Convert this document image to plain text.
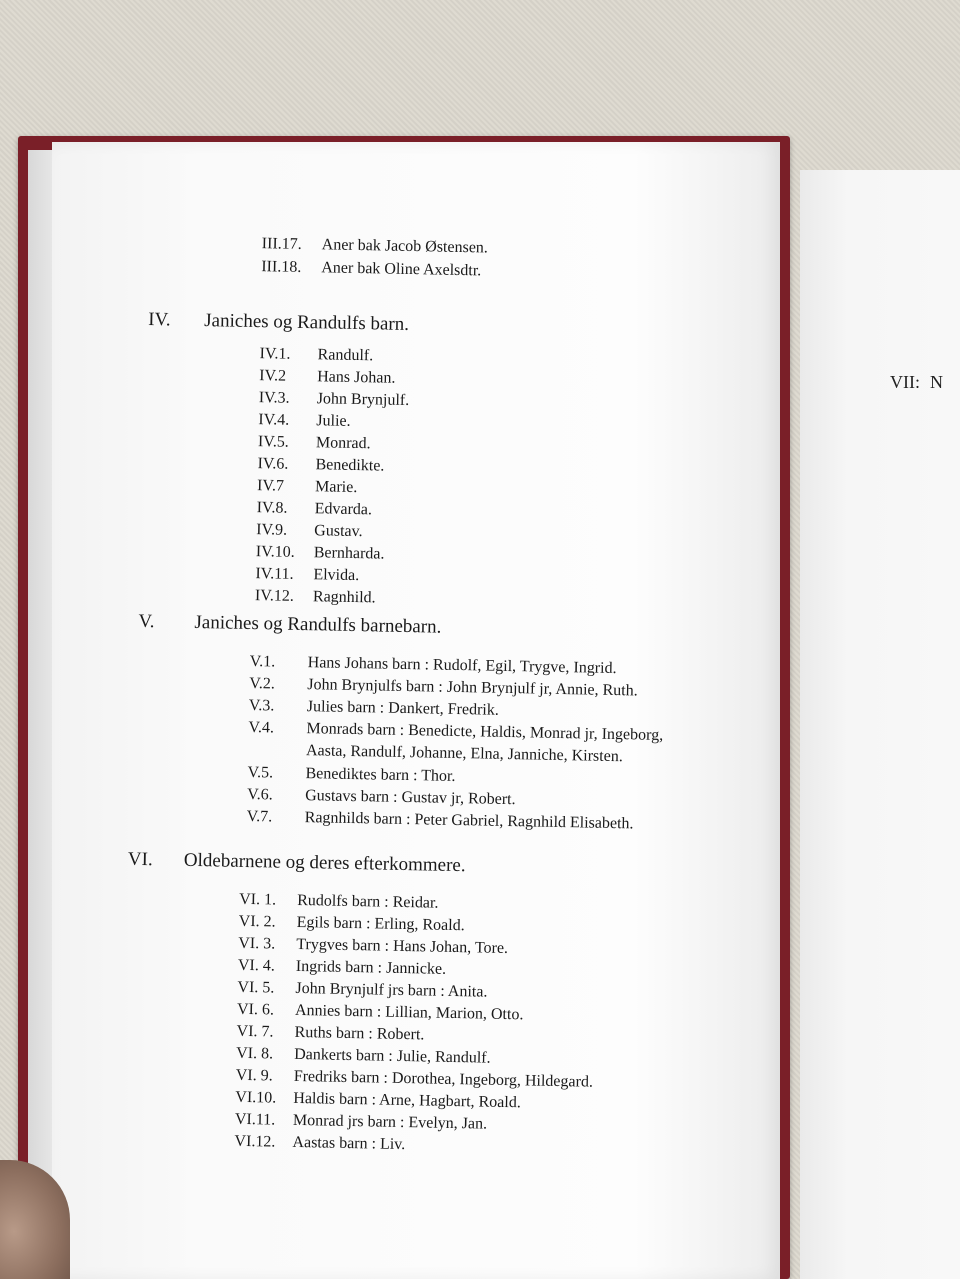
VII: N
III.17. Aner bak Jacob Østensen.
III.18. Aner bak Oline Axelsdtr.
IV. Janiches og Randulfs barn.
IV.1. Randulf.
IV.2 Hans Johan.
IV.3. John Brynjulf.
IV.4. Julie.
IV.5. Monrad.
IV.6. Benedikte.
IV.7 Marie.
IV.8. Edvarda.
IV.9. Gustav.
IV.10. Bernharda.
IV.11. Elvida.
IV.12. Ragnhild.
V. Janiches og Randulfs barnebarn.
V.1. Hans Johans barn : Rudolf, Egil, Trygve, Ingrid.
V.2. John Brynjulfs barn : John Brynjulf jr, Annie, Ruth.
V.3. Julies barn : Dankert, Fredrik.
V.4. Monrads barn : Benedicte, Haldis, Monrad jr, Ingeborg,
Aasta, Randulf, Johanne, Elna, Janniche, Kirsten.
V.5. Benediktes barn : Thor.
V.6. Gustavs barn : Gustav jr, Robert.
V.7. Ragnhilds barn : Peter Gabriel, Ragnhild Elisabeth.
VI. Oldebarnene og deres efterkommere.
VI. 1. Rudolfs barn : Reidar.
VI. 2. Egils barn : Erling, Roald.
VI. 3. Trygves barn : Hans Johan, Tore.
VI. 4. Ingrids barn : Jannicke.
VI. 5. John Brynjulf jrs barn : Anita.
VI. 6. Annies barn : Lillian, Marion, Otto.
VI. 7. Ruths barn : Robert.
VI. 8. Dankerts barn : Julie, Randulf.
VI. 9. Fredriks barn : Dorothea, Ingeborg, Hildegard.
VI.10. Haldis barn : Arne, Hagbart, Roald.
VI.11. Monrad jrs barn : Evelyn, Jan.
VI.12. Aastas barn : Liv.
